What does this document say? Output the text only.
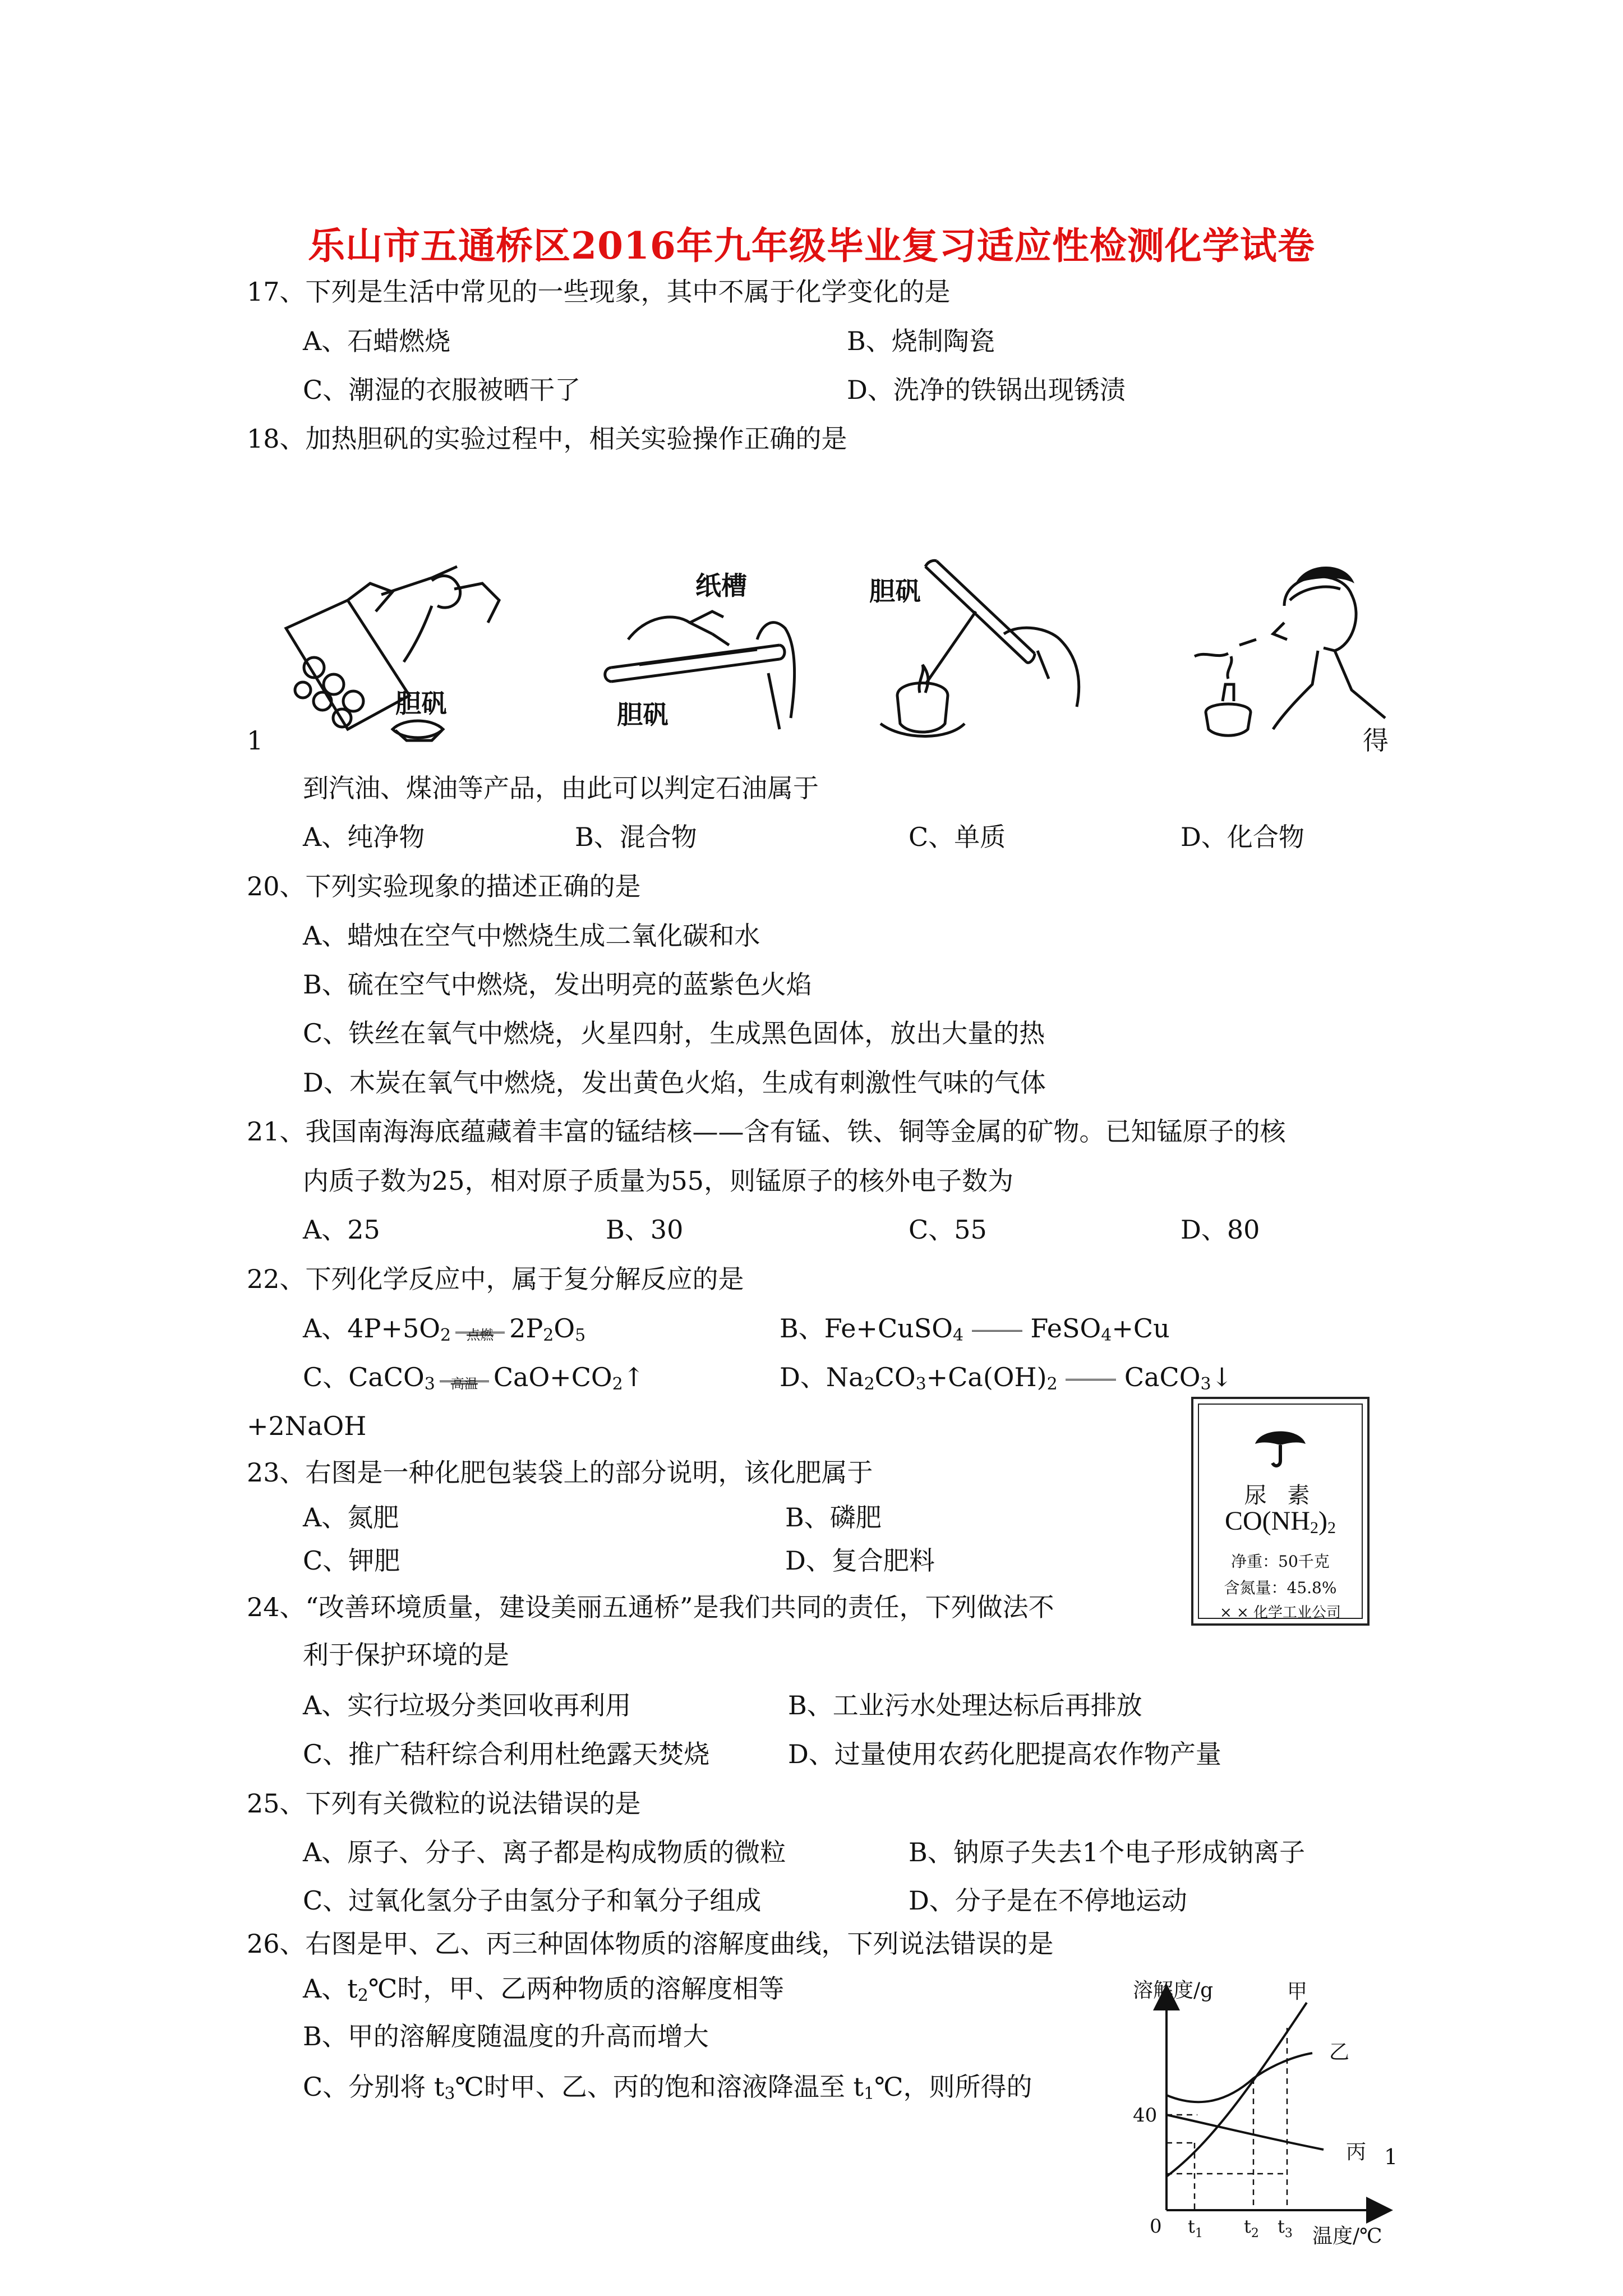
乐山市五通桥区2016年九年级毕业复习适应性检测化学试卷
17、下列是生活中常见的一些现象，其中不属于化学变化的是
A、石蜡燃烧	B、烧制陶瓷
C、潮湿的衣服被晒干了	D、洗净的铁锅出现锈渍
18、加热胆矾的实验过程中，相关实验操作正确的是
胆矾
纸槽
胆矾
胆矾
1	得
到汽油、煤油等产品，由此可以判定石油属于
A、纯净物	B、混合物	C、单质	D、化合物
20、下列实验现象的描述正确的是
A、蜡烛在空气中燃烧生成二氧化碳和水
B、硫在空气中燃烧，发出明亮的蓝紫色火焰
C、铁丝在氧气中燃烧，火星四射，生成黑色固体，放出大量的热
D、木炭在氧气中燃烧，发出黄色火焰，生成有刺激性气味的气体
21、我国南海海底蕴藏着丰富的锰结核——含有锰、铁、铜等金属的矿物。已知锰原子的核
内质子数为25，相对原子质量为55，则锰原子的核外电子数为
A、25	B、30	C、55	D、80
22、下列化学反应中，属于复分解反应的是
A、$4P+5O_2$	点燃 $2P_2O_5$	B、Fe+CuSO$_4$  FeSO$_4$+Cu
C、CaCO$_3$	高温 $CaO+CO_2↑$	D、$Na_2CO_3+Ca(OH)_2$  CaCO$_3$↓
+2NaOH
尿 素
$CO(NH_2)_2$
净重：50千克
含氮量：45.8%
× × 化学工业公司
23、右图是一种化肥包装袋上的部分说明，该化肥属于
A、氮肥	B、磷肥
C、钾肥	D、复合肥料
24、“改善环境质量，建设美丽五通桥”是我们共同的责任，下列做法不
利于保护环境的是
A、实行垃圾分类回收再利用	B、工业污水处理达标后再排放
C、推广秸秆综合利用杜绝露天焚烧	D、过量使用农药化肥提高农作物产量
25、下列有关微粒的说法错误的是
A、原子、分子、离子都是构成物质的微粒	B、钠原子失去1个电子形成钠离子
C、过氧化氢分子由氢分子和氧分子组成	D、分子是在不停地运动
26、右图是甲、乙、丙三种固体物质的溶解度曲线，下列说法错误的是
A、$t_2℃$时，甲、乙两种物质的溶解度相等
B、甲的溶解度随温度的升高而增大
C、分别将 $t_3℃$时甲、乙、丙的饱和溶液降温至 $t_1℃$，则所得的
溶解度/g
温度/℃
0
40
$t_1$ $t_2$ $t_3$
甲
乙
丙 1
